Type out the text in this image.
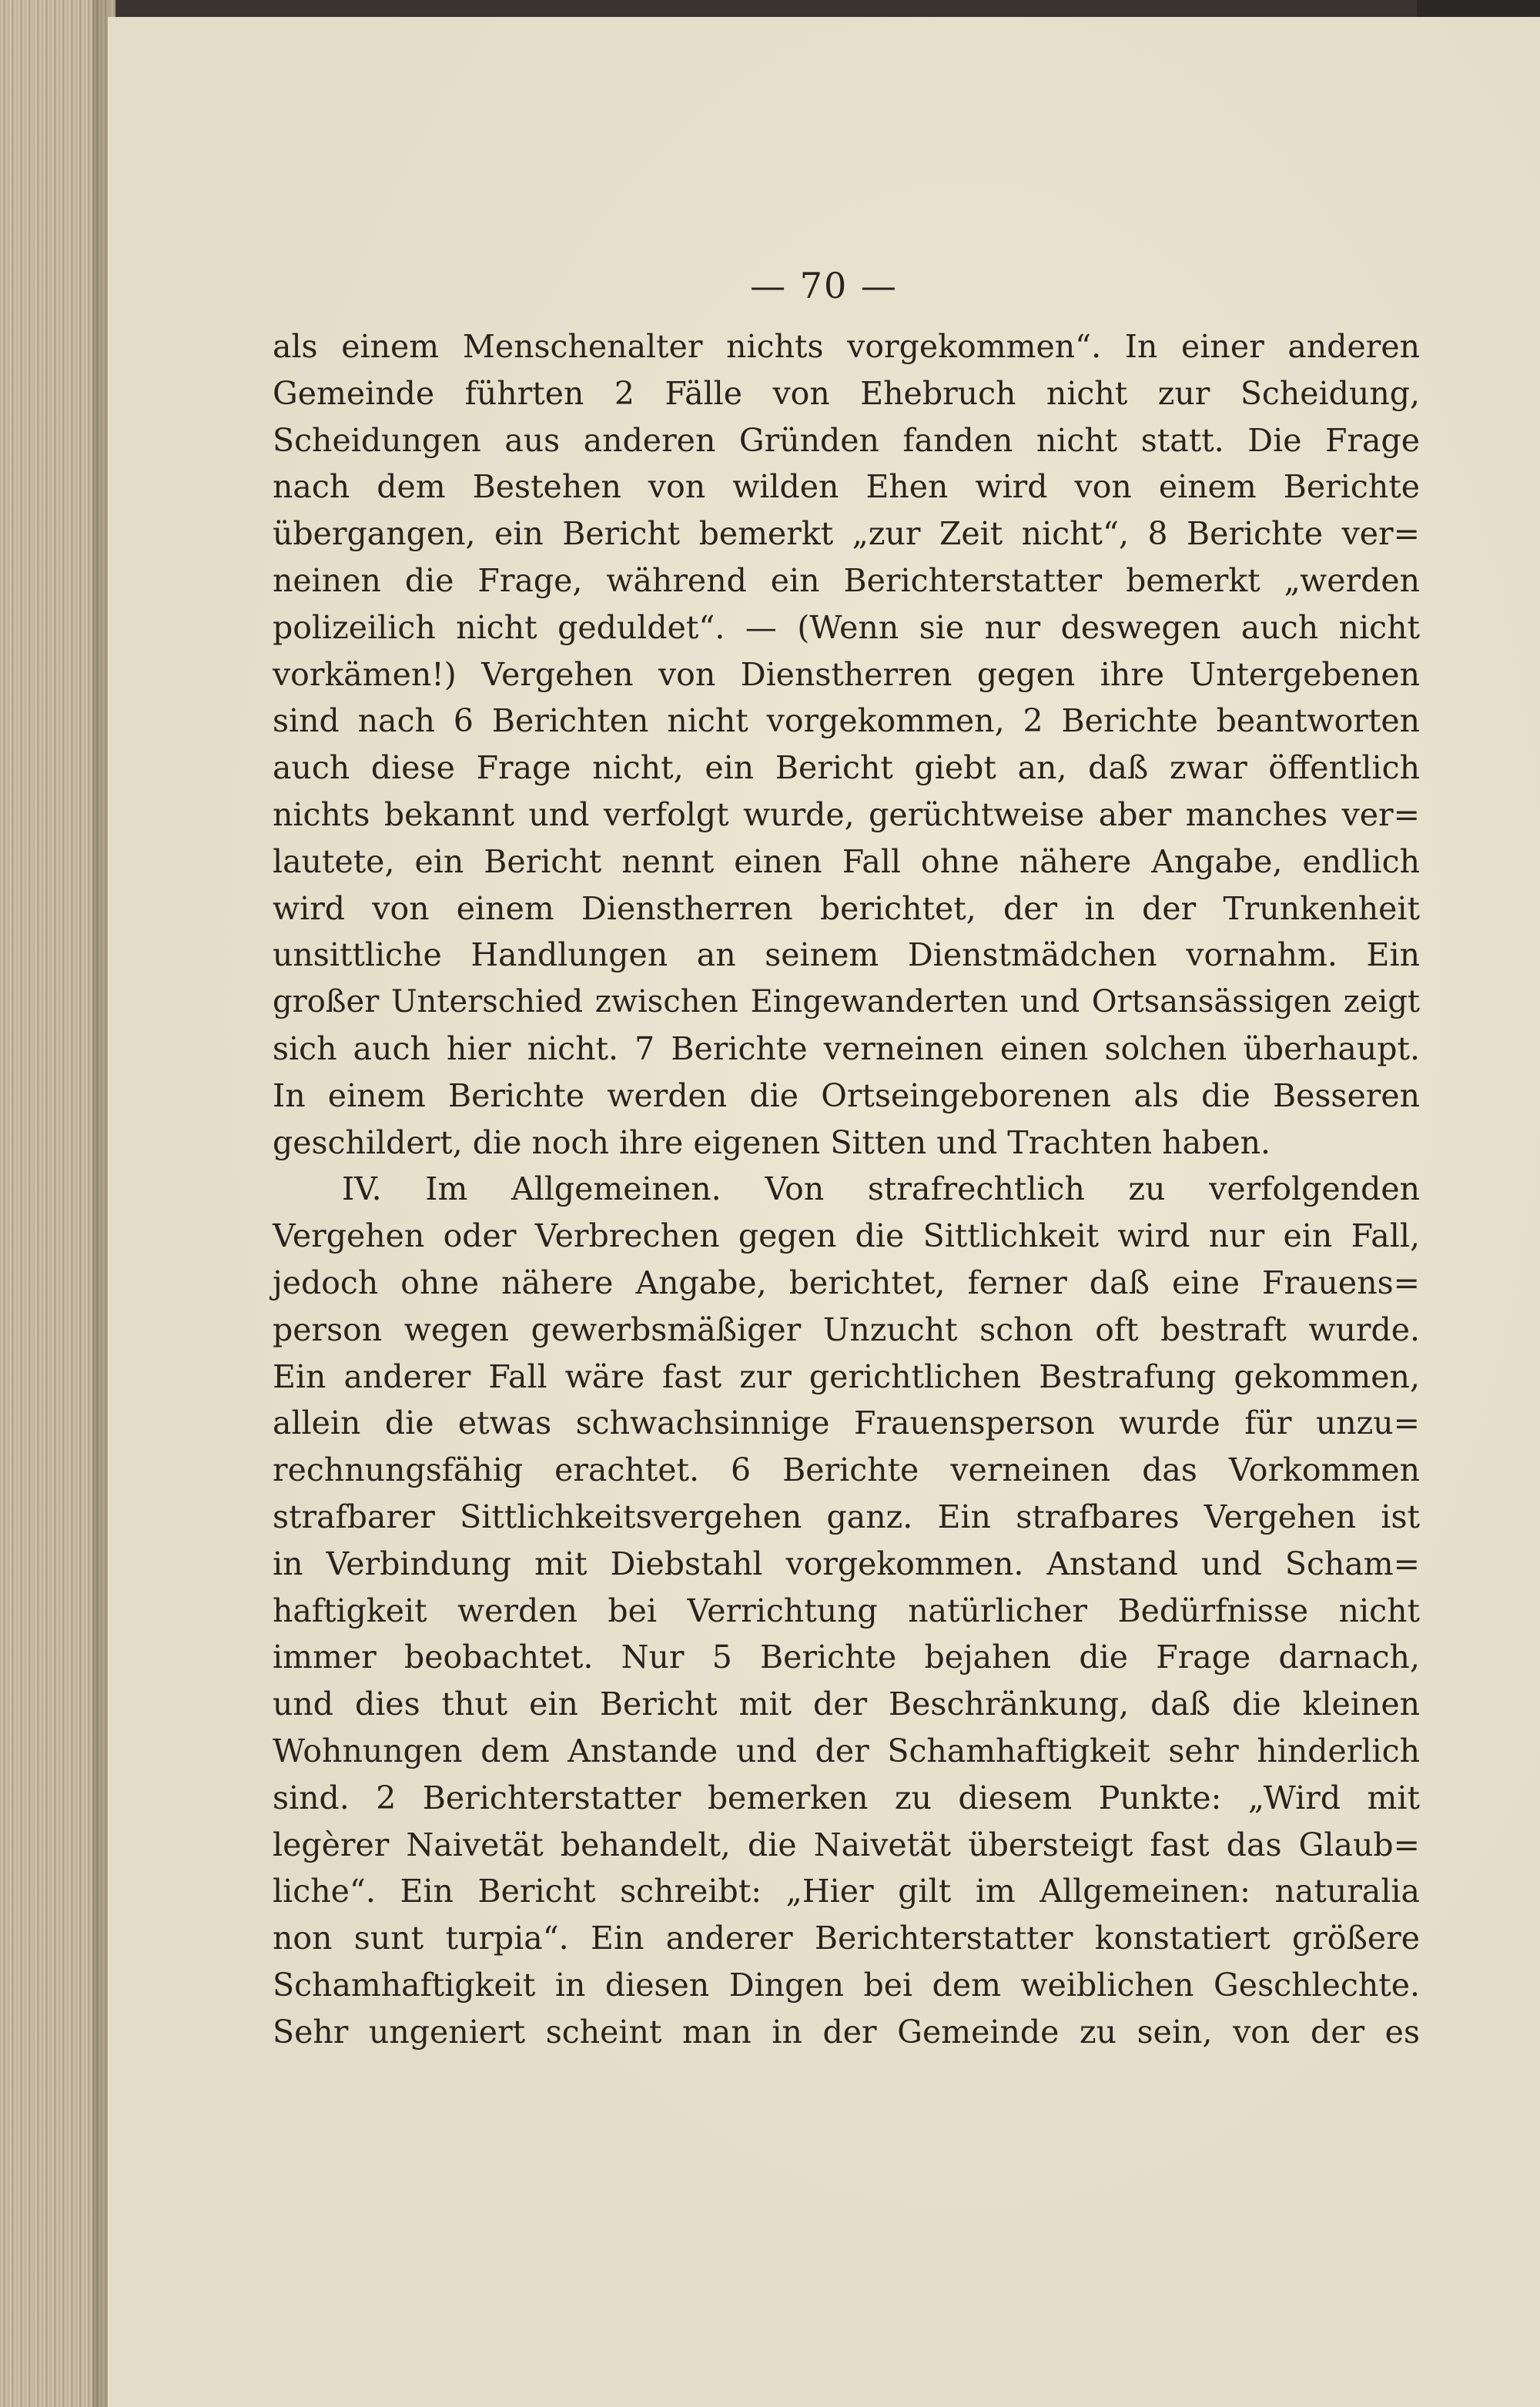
— 70 —
als einem Menschenalter nichts vorgekommen“. In einer anderen
Gemeinde führten 2 Fälle von Ehebruch nicht zur Scheidung,
Scheidungen aus anderen Gründen fanden nicht statt. Die Frage
nach dem Bestehen von wilden Ehen wird von einem Berichte
übergangen, ein Bericht bemerkt „zur Zeit nicht“, 8 Berichte ver=
neinen die Frage, während ein Berichterstatter bemerkt „werden
polizeilich nicht geduldet“. — (Wenn sie nur deswegen auch nicht
vorkämen!) Vergehen von Dienstherren gegen ihre Untergebenen
sind nach 6 Berichten nicht vorgekommen, 2 Berichte beantworten
auch diese Frage nicht, ein Bericht giebt an, daß zwar öffentlich
nichts bekannt und verfolgt wurde, gerüchtweise aber manches ver=
lautete, ein Bericht nennt einen Fall ohne nähere Angabe, endlich
wird von einem Dienstherren berichtet, der in der Trunkenheit
unsittliche Handlungen an seinem Dienstmädchen vornahm. Ein
großer Unterschied zwischen Eingewanderten und Ortsansässigen zeigt
sich auch hier nicht. 7 Berichte verneinen einen solchen überhaupt.
In einem Berichte werden die Ortseingeborenen als die Besseren
geschildert, die noch ihre eigenen Sitten und Trachten haben.
IV. Im Allgemeinen. Von strafrechtlich zu verfolgenden
Vergehen oder Verbrechen gegen die Sittlichkeit wird nur ein Fall,
jedoch ohne nähere Angabe, berichtet, ferner daß eine Frauens=
person wegen gewerbsmäßiger Unzucht schon oft bestraft wurde.
Ein anderer Fall wäre fast zur gerichtlichen Bestrafung gekommen,
allein die etwas schwachsinnige Frauensperson wurde für unzu=
rechnungsfähig erachtet. 6 Berichte verneinen das Vorkommen
strafbarer Sittlichkeitsvergehen ganz. Ein strafbares Vergehen ist
in Verbindung mit Diebstahl vorgekommen. Anstand und Scham=
haftigkeit werden bei Verrichtung natürlicher Bedürfnisse nicht
immer beobachtet. Nur 5 Berichte bejahen die Frage darnach,
und dies thut ein Bericht mit der Beschränkung, daß die kleinen
Wohnungen dem Anstande und der Schamhaftigkeit sehr hinderlich
sind. 2 Berichterstatter bemerken zu diesem Punkte: „Wird mit
legèrer Naivetät behandelt, die Naivetät übersteigt fast das Glaub=
liche“. Ein Bericht schreibt: „Hier gilt im Allgemeinen: naturalia
non sunt turpia“. Ein anderer Berichterstatter konstatiert größere
Schamhaftigkeit in diesen Dingen bei dem weiblichen Geschlechte.
Sehr ungeniert scheint man in der Gemeinde zu sein, von der es
